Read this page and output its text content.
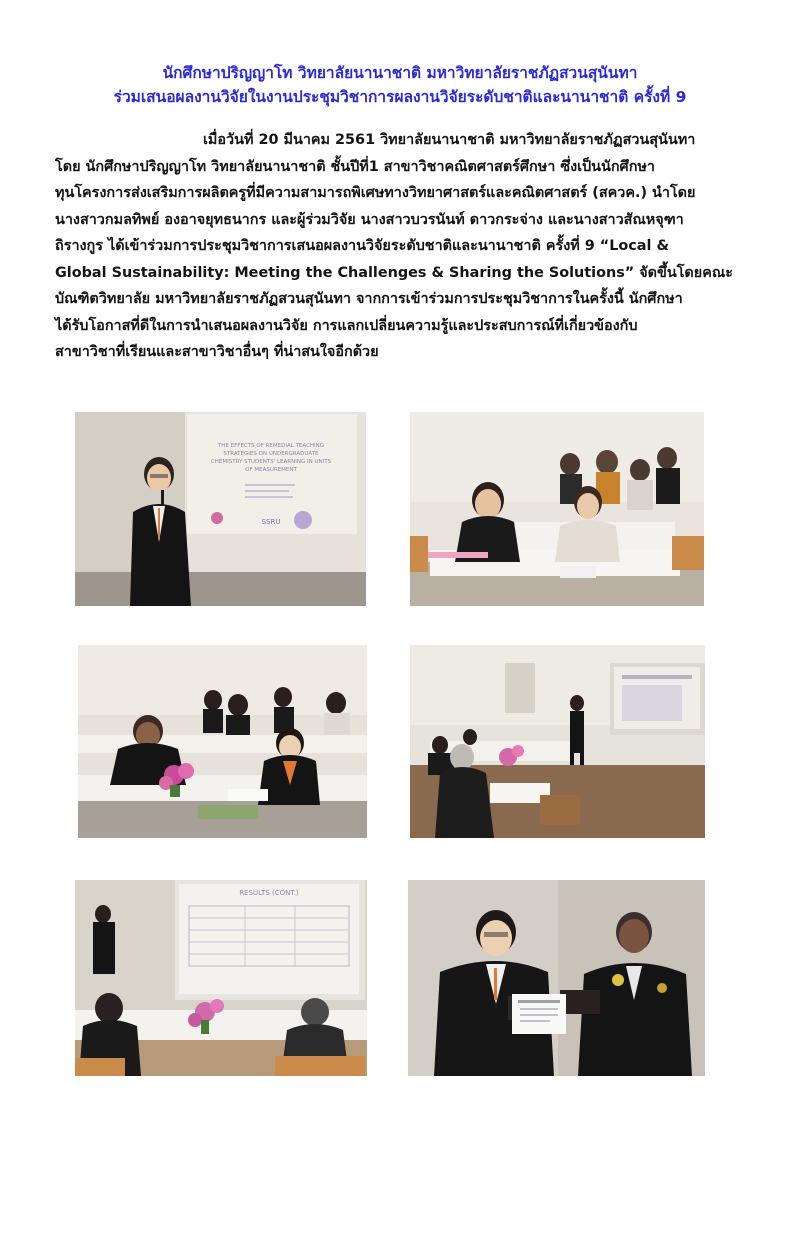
นักศึกษาปริญญาโท วิทยาลัยนานาชาติ มหาวิทยาลัยราชภัฏสวนสุนันทา
ร่วมเสนอผลงานวิจัยในงานประชุมวิชาการผลงานวิจัยระดับชาติและนานาชาติ ครั้งที่ 9
เมื่อวันที่ 20 มีนาคม 2561 วิทยาลัยนานาชาติ มหาวิทยาลัยราชภัฏสวนสุนันทา
โดย นักศึกษาปริญญาโท วิทยาลัยนานาชาติ ชั้นปีที่1 สาขาวิชาคณิตศาสตร์ศึกษา ซึ่งเป็นนักศึกษา
ทุนโครงการส่งเสริมการผลิตครูที่มีความสามารถพิเศษทางวิทยาศาสตร์และคณิตศาสตร์ (สควค.) นำโดย
นางสาวกมลทิพย์ องอาจยุทธนากร และผู้ร่วมวิจัย นางสาวบวรนันท์ ดาวกระจ่าง และนางสาวสัณหจุฑา
ถิรางกูร ได้เข้าร่วมการประชุมวิชาการเสนอผลงานวิจัยระดับชาติและนานาชาติ ครั้งที่ 9 “Local &
Global Sustainability: Meeting the Challenges & Sharing the Solutions” จัดขึ้นโดยคณะ
บัณฑิตวิทยาลัย มหาวิทยาลัยราชภัฏสวนสุนันทา จากการเข้าร่วมการประชุมวิชาการในครั้งนี้ นักศึกษา
ได้รับโอกาสที่ดีในการนำเสนอผลงานวิจัย การแลกเปลี่ยนความรู้และประสบการณ์ที่เกี่ยวข้องกับ
สาขาวิชาที่เรียนและสาขาวิชาอื่นๆ ที่น่าสนใจอีกด้วย
THE EFFECTS OF REMEDIAL TEACHING
STRATEGIES ON UNDERGRADUATE
CHEMISTRY STUDENTS' LEARNING IN UNITS
OF MEASUREMENT
SSRU
RESULTS (CONT.)
